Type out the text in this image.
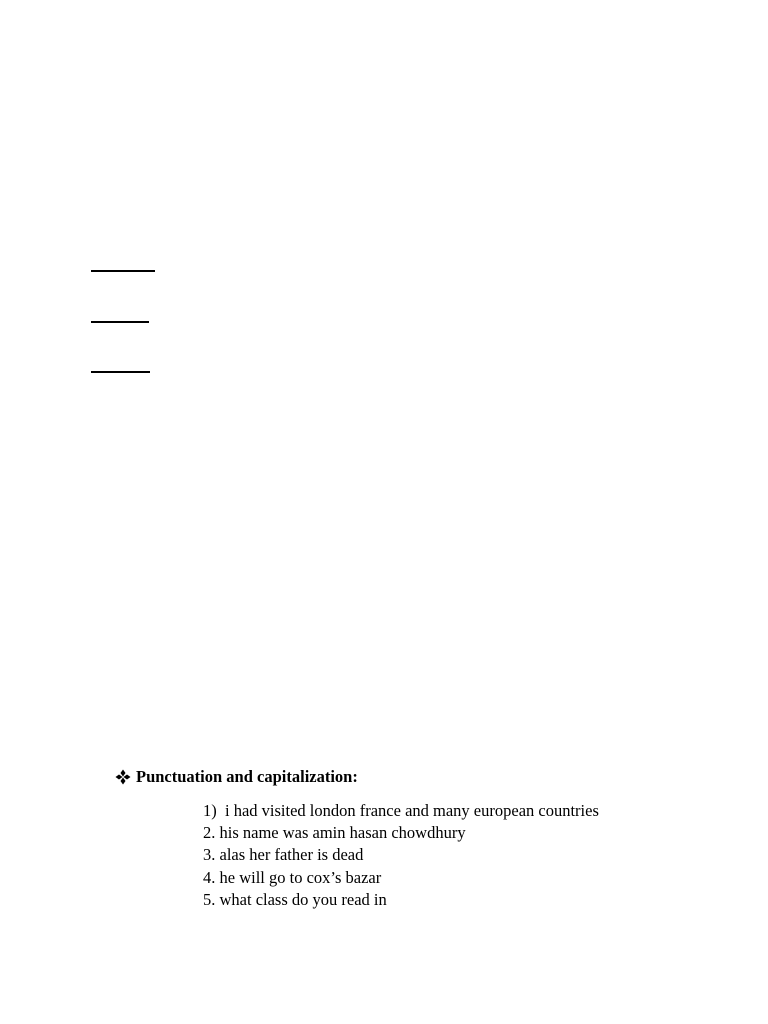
Punctuation and capitalization:
1)  i had visited london france and many european countries
2. his name was amin hasan chowdhury
3. alas her father is dead
4. he will go to cox’s bazar
5. what class do you read in
